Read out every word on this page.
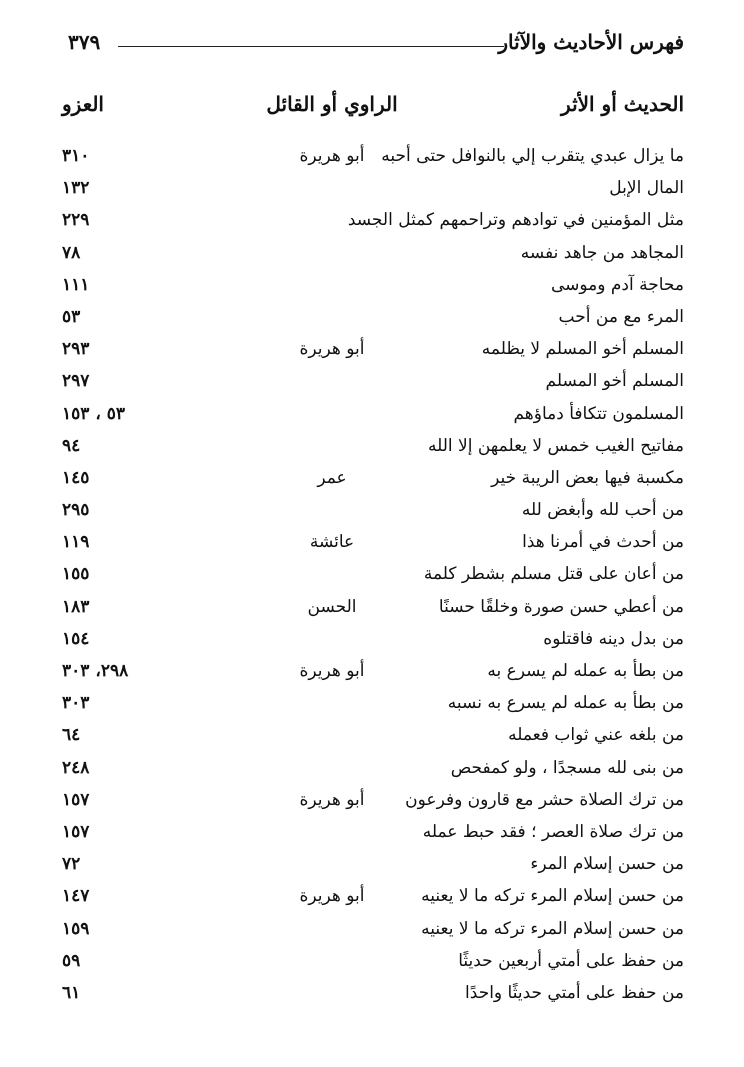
فهرس الأحاديث والآثار
٣٧٩
الحديث أو الأثر
الراوي أو القائل
العزو
ما يزال عبدي يتقرب إلي بالنوافل حتى أحبه
أبو هريرة
٣١٠
المال الإبل
١٣٢
مثل المؤمنين في توادهم وتراحمهم كمثل الجسد
٢٢٩
المجاهد من جاهد نفسه
٧٨
محاجة آدم وموسى
١١١
المرء مع من أحب
٥٣
المسلم أخو المسلم لا يظلمه
أبو هريرة
٢٩٣
المسلم أخو المسلم
٢٩٧
المسلمون تتكافأ دماؤهم
٥٣ ، ١٥٣
مفاتيح الغيب خمس لا يعلمهن إلا الله
٩٤
مكسبة فيها بعض الريبة خير
عمر
١٤٥
من أحب لله وأبغض لله
٢٩٥
من أحدث في أمرنا هذا
عائشة
١١٩
من أعان على قتل مسلم بشطر كلمة
١٥٥
من أعطي حسن صورة وخلقًا حسنًا
الحسن
١٨٣
من بدل دينه فاقتلوه
١٥٤
من بطأ به عمله لم يسرع به
أبو هريرة
٢٩٨، ٣٠٣
من بطأ به عمله لم يسرع به نسبه
٣٠٣
من بلغه عني ثواب فعمله
٦٤
من بنى لله مسجدًا ، ولو كمفحص
٢٤٨
من ترك الصلاة حشر مع قارون وفرعون
أبو هريرة
١٥٧
من ترك صلاة العصر ؛ فقد حبط عمله
١٥٧
من حسن إسلام المرء
٧٢
من حسن إسلام المرء تركه ما لا يعنيه
أبو هريرة
١٤٧
من حسن إسلام المرء تركه ما لا يعنيه
١٥٩
من حفظ على أمتي أربعين حديثًا
٥٩
من حفظ على أمتي حديثًا واحدًا
٦١
